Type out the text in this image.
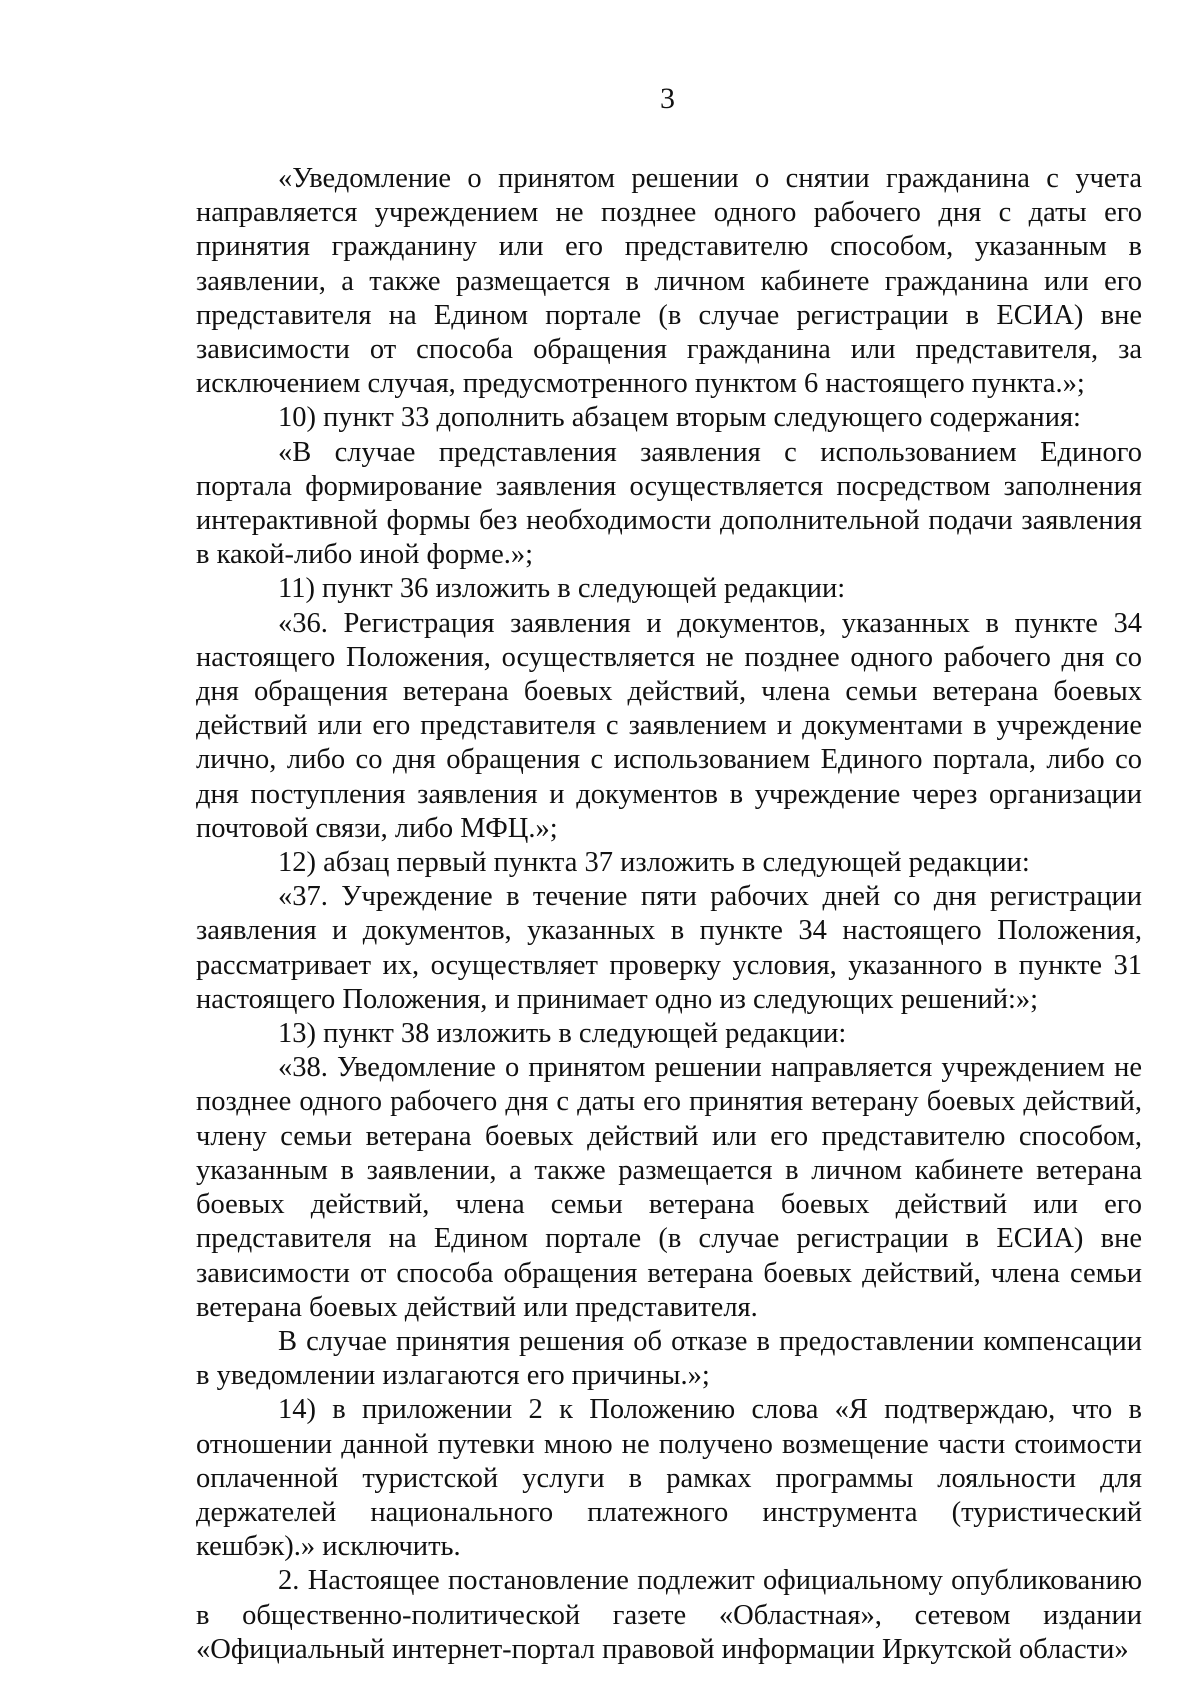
3

«Уведомление о принятом решении о снятии гражданина с учета направляется учреждением не позднее одного рабочего дня с даты его принятия гражданину или его представителю способом, указанным в заявлении, а также размещается в личном кабинете гражданина или его представителя на Едином портале (в случае регистрации в ЕСИА) вне зависимости от способа обращения гражданина или представителя, за исключением случая, предусмотренного пунктом 6 настоящего пункта.»;

10) пункт 33 дополнить абзацем вторым следующего содержания:

«В случае представления заявления с использованием Единого портала формирование заявления осуществляется посредством заполнения интерактивной формы без необходимости дополнительной подачи заявления в какой-либо иной форме.»;

11) пункт 36 изложить в следующей редакции:

«36. Регистрация заявления и документов, указанных в пункте 34 настоящего Положения, осуществляется не позднее одного рабочего дня со дня обращения ветерана боевых действий, члена семьи ветерана боевых действий или его представителя с заявлением и документами в учреждение лично, либо со дня обращения с использованием Единого портала, либо со дня поступления заявления и документов в учреждение через организации почтовой связи, либо МФЦ.»;

12) абзац первый пункта 37 изложить в следующей редакции:

«37. Учреждение в течение пяти рабочих дней со дня регистрации заявления и документов, указанных в пункте 34 настоящего Положения, рассматривает их, осуществляет проверку условия, указанного в пункте 31 настоящего Положения, и принимает одно из следующих решений:»;

13) пункт 38 изложить в следующей редакции:

«38. Уведомление о принятом решении направляется учреждением не позднее одного рабочего дня с даты его принятия ветерану боевых действий, члену семьи ветерана боевых действий или его представителю способом, указанным в заявлении, а также размещается в личном кабинете ветерана боевых действий, члена семьи ветерана боевых действий или его представителя на Едином портале (в случае регистрации в ЕСИА) вне зависимости от способа обращения ветерана боевых действий, члена семьи ветерана боевых действий или представителя.

В случае принятия решения об отказе в предоставлении компенсации в уведомлении излагаются его причины.»;

14) в приложении 2 к Положению слова «Я подтверждаю, что в отношении данной путевки мною не получено возмещение части стоимости оплаченной туристской услуги в рамках программы лояльности для держателей национального платежного инструмента (туристический кешбэк).» исключить.

2. Настоящее постановление подлежит официальному опубликованию в общественно-политической газете «Областная», сетевом издании «Официальный интернет-портал правовой информации Иркутской области»
